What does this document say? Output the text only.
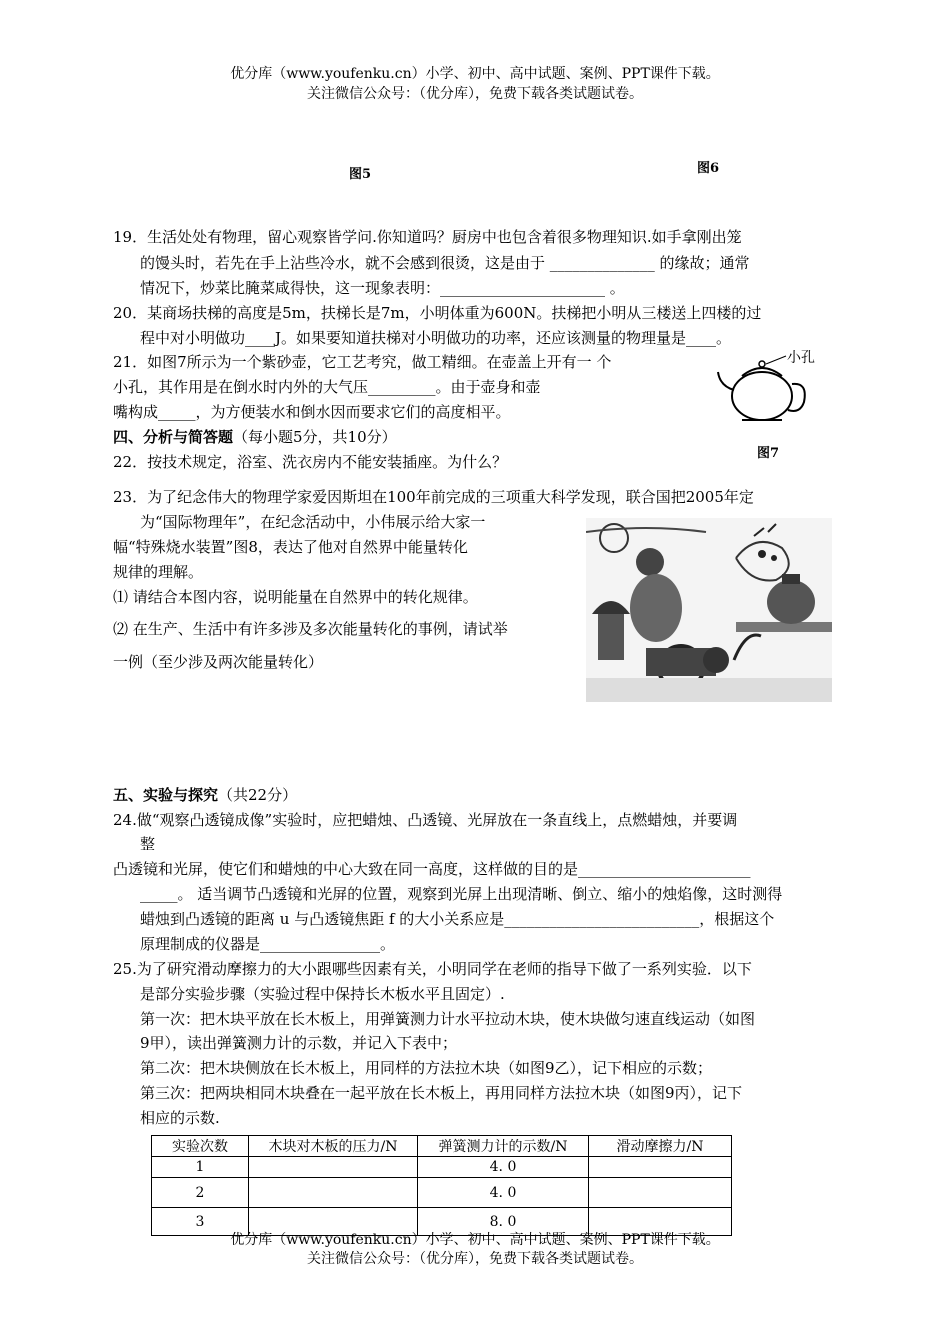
优分库（www.youfenku.cn）小学、初中、高中试题、案例、PPT课件下载。
关注微信公众号：（优分库），免费下载各类试题试卷。
图5	图6
19．生活处处有物理，留心观察皆学问.你知道吗？厨房中也包含着很多物理知识.如手拿刚出笼
的馒头时，若先在手上沾些冷水，就不会感到很烫，这是由于 ______________ 的缘故；通常
情况下，炒菜比腌菜咸得快，这一现象表明：______________________ 。
20．某商场扶梯的高度是5m，扶梯长是7m，小明体重为600N。扶梯把小明从三楼送上四楼的过
程中对小明做功____J。如果要知道扶梯对小明做功的功率，还应该测量的物理量是____。
21．如图7所示为一个紫砂壶，它工艺考究，做工精细。在壶盖上开有一 个
小孔，其作用是在倒水时内外的大气压_________。由于壶身和壶
嘴构成_____，为方便装水和倒水因而要求它们的高度相平。
小孔
图7
四、分析与简答题（每小题5分，共10分）
22．按技术规定，浴室、洗衣房内不能安装插座。为什么？
23．为了纪念伟大的物理学家爱因斯坦在100年前完成的三项重大科学发现，联合国把2005年定
为“国际物理年”，在纪念活动中，小伟展示给大家一
幅“特殊烧水装置”图8，表达了他对自然界中能量转化
规律的理解。
⑴ 请结合本图内容，说明能量在自然界中的转化规律。
⑵ 在生产、生活中有许多涉及多次能量转化的事例，请试举
一例（至少涉及两次能量转化）
五、实验与探究（共22分）
24.做“观察凸透镜成像”实验时，应把蜡烛、凸透镜、光屏放在一条直线上，点燃蜡烛，并要调
整
凸透镜和光屏，使它们和蜡烛的中心大致在同一高度，这样做的目的是_______________________
_____。 适当调节凸透镜和光屏的位置，观察到光屏上出现清晰、倒立、缩小的烛焰像，这时测得
蜡烛到凸透镜的距离 u 与凸透镜焦距 f 的大小关系应是__________________________，根据这个
原理制成的仪器是________________。
25.为了研究滑动摩擦力的大小跟哪些因素有关，小明同学在老师的指导下做了一系列实验．以下
是部分实验步骤（实验过程中保持长木板水平且固定）.
第一次：把木块平放在长木板上，用弹簧测力计水平拉动木块，使木块做匀速直线运动（如图
9甲），读出弹簧测力计的示数，并记入下表中；
第二次：把木块侧放在长木板上，用同样的方法拉木块（如图9乙），记下相应的示数；
第三次：把两块相同木块叠在一起平放在长木板上，再用同样方法拉木块（如图9丙），记下
相应的示数.
实验次数	木块对木板的压力/N	弹簧测力计的示数/N	滑动摩擦力/N
1		4. 0	
2		4. 0	
3		8. 0	
优分库（www.youfenku.cn）小学、初中、高中试题、案例、PPT课件下载。
关注微信公众号：（优分库），免费下载各类试题试卷。
